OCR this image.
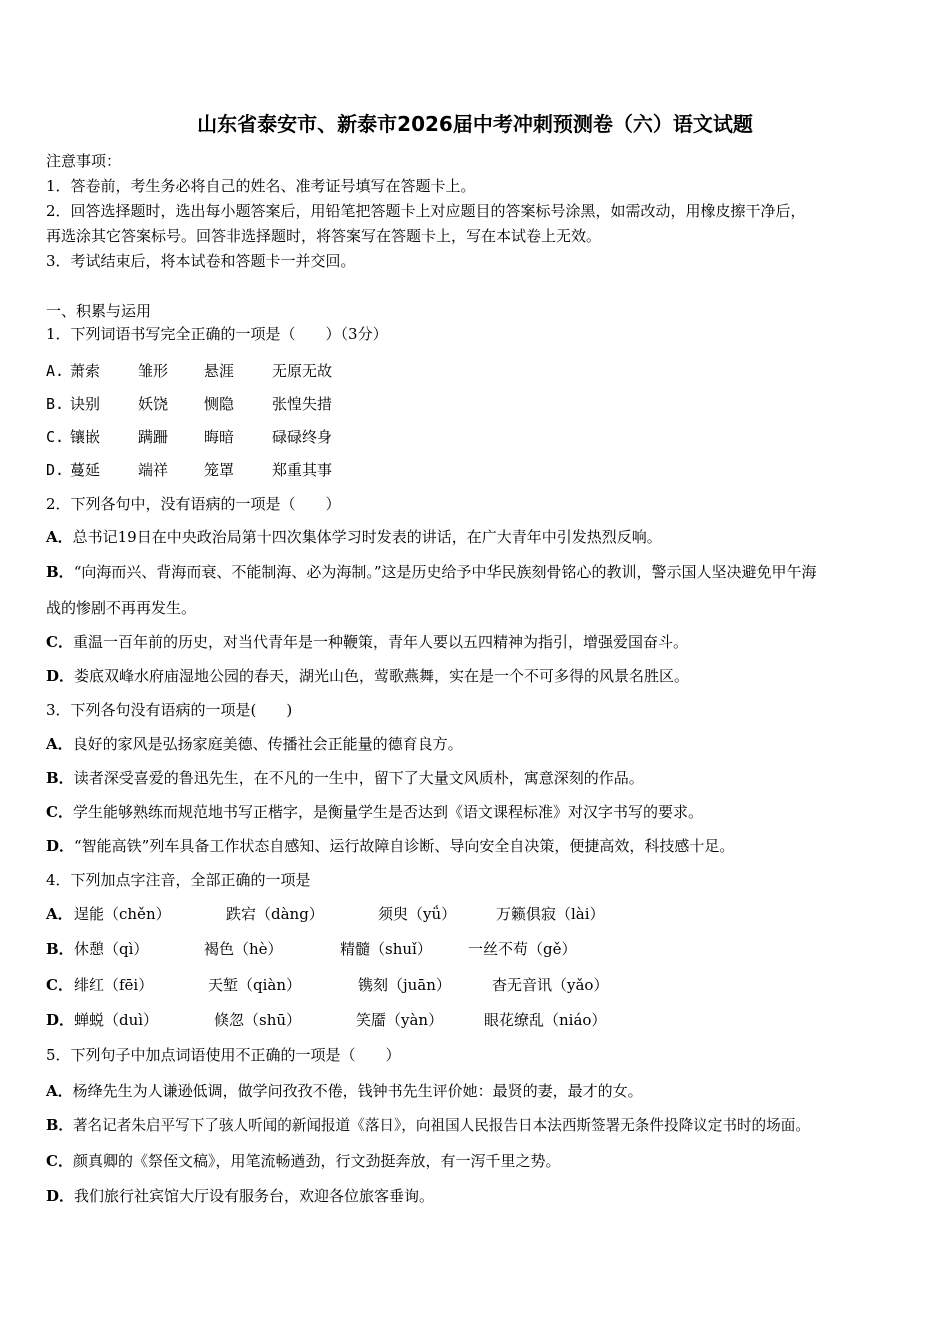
山东省泰安市、新泰市2026届中考冲刺预测卷（六）语文试题
注意事项：
1．答卷前，考生务必将自己的姓名、准考证号填写在答题卡上。
2．回答选择题时，选出每小题答案后，用铅笔把答题卡上对应题目的答案标号涂黑，如需改动，用橡皮擦干净后，
再选涂其它答案标号。回答非选择题时，将答案写在答题卡上，写在本试卷上无效。
3．考试结束后，将本试卷和答题卡一并交回。
一、积累与运用
1．下列词语书写完全正确的一项是（　　）（3分）
A. 萧索	雏形 悬涯	无原无故
B. 诀别	妖饶 恻隐	张惶失措
C. 镶嵌	蹒跚 晦暗	碌碌终身
D. 蔓延	端祥 笼罩	郑重其事
2．下列各句中，没有语病的一项是（　　）
A．总书记19日在中央政治局第十四次集体学习时发表的讲话，在广大青年中引发热烈反响。
B．“向海而兴、背海而衰、不能制海、必为海制。”这是历史给予中华民族刻骨铭心的教训，警示国人坚决避免甲午海
战的惨剧不再再发生。
C．重温一百年前的历史，对当代青年是一种鞭策，青年人要以五四精神为指引，增强爱国奋斗。
D．娄底双峰水府庙湿地公园的春天，湖光山色，莺歌燕舞，实在是一个不可多得的风景名胜区。
3．下列各句没有语病的一项是(　　)
A．良好的家风是弘扬家庭美德、传播社会正能量的德育良方。
B．读者深受喜爱的鲁迅先生，在不凡的一生中，留下了大量文风质朴，寓意深刻的作品。
C．学生能够熟练而规范地书写正楷字，是衡量学生是否达到《语文课程标准》对汉字书写的要求。
D．“智能高铁”列车具备工作状态自感知、运行故障自诊断、导向安全自决策，便捷高效，科技感十足。
4．下列加点字注音，全部正确的一项是
A． 逞能（chěn）	跌宕（dàng）	须臾（yǘ）	万籁俱寂（lài）
B． 休憩（qì）	褐色（hè）	精髓（shuǐ） 一丝不苟（gě）
C． 绯红（fēi）	天堑（qiàn）	镌刻（juān）	杳无音讯（yǎo）
D． 蝉蜕（duì）	倏忽（shū）	笑靥（yàn）	眼花缭乱（niáo）
5．下列句子中加点词语使用不正确的一项是（　　）
A．杨绛先生为人谦逊低调，做学问孜孜不倦，钱钟书先生评价她：最贤的妻，最才的女。
B．著名记者朱启平写下了骇人听闻的新闻报道《落日》，向祖国人民报告日本法西斯签署无条件投降议定书时的场面。
C．颜真卿的《祭侄文稿》，用笔流畅遒劲，行文劲挺奔放，有一泻千里之势。
D．我们旅行社宾馆大厅设有服务台，欢迎各位旅客垂询。
